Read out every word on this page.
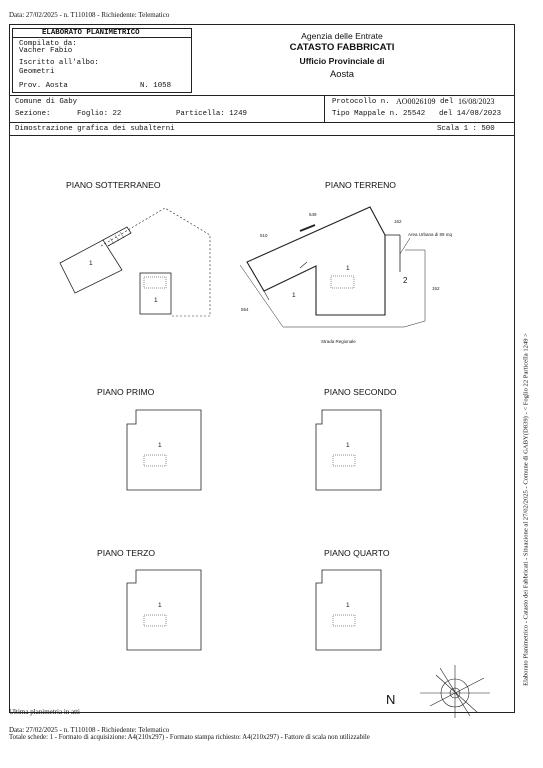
Data: 27/02/2025 - n. T110108 - Richiedente: Telematico
ELABORATO PLANIMETRICO
Compilato da:
Vacher Fabio
Iscritto all'albo:
Geometri
Prov. Aosta	N. 1058
Agenzia delle Entrate
CATASTO FABBRICATI
Ufficio Provinciale di
Aosta
Comune di Gaby
Sezione:	Foglio: 22	Particella: 1249
Protocollo n. AO0026109 del 16/08/2023
Tipo Mappale n. 25542 del 14/08/2023
Dimostrazione grafica dei subalterni	Scala 1 : 500
PIANO SOTTERRANEO	PIANO TERRENO
PIANO PRIMO	PIANO SECONDO
PIANO TERZO	PIANO QUARTO
549
162
510	Area Urbana di 89 mq
152
554
Strada Regionale
2
1
1
1
1
1	1
1	1
N
Elaborato Planimetrico - Catasto dei Fabbricati - Situazione al 27/02/2025 - Comune di GABY(D839) - < Foglio 22 Particella 1249 >
Ultima planimetria in atti
Data: 27/02/2025 - n. T110108 - Richiedente: Telematico
Totale schede: 1 - Formato di acquisizione: A4(210x297) - Formato stampa richiesto: A4(210x297) - Fattore di scala non utilizzabile
